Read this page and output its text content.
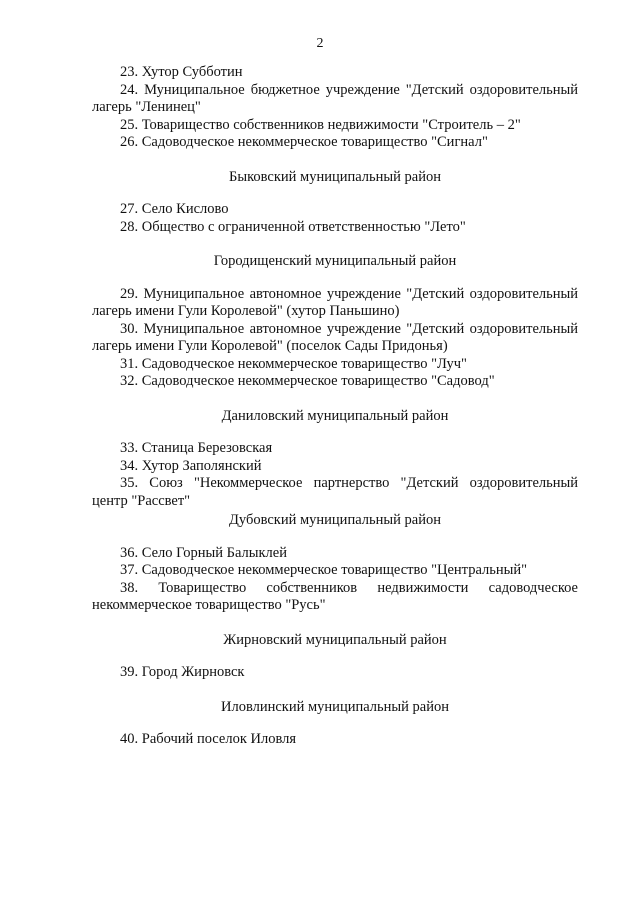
2

23. Хутор Субботин

24. Муниципальное бюджетное учреждение "Детский оздоровительный лагерь "Ленинец"

25. Товарищество собственников недвижимости "Строитель – 2"

26. Садоводческое некоммерческое товарищество "Сигнал"

Быковский муниципальный район

27. Село Кислово

28. Общество с ограниченной ответственностью "Лето"

Городищенский муниципальный район

29. Муниципальное автономное учреждение "Детский оздоровительный лагерь имени Гули Королевой" (хутор Паньшино)

30. Муниципальное автономное учреждение "Детский оздоровительный лагерь имени Гули Королевой" (поселок Сады Придонья)

31. Садоводческое некоммерческое товарищество "Луч"

32. Садоводческое некоммерческое товарищество "Садовод"

Даниловский муниципальный район

33. Станица Березовская

34. Хутор Заполянский

35. Союз "Некоммерческое партнерство "Детский оздоровительный центр "Рассвет"

Дубовский муниципальный район

36. Село Горный Балыклей

37. Садоводческое некоммерческое товарищество "Центральный"

38. Товарищество собственников недвижимости садоводческое некоммерческое товарищество "Русь"

Жирновский муниципальный район

39. Город Жирновск

Иловлинский муниципальный район

40. Рабочий поселок Иловля
